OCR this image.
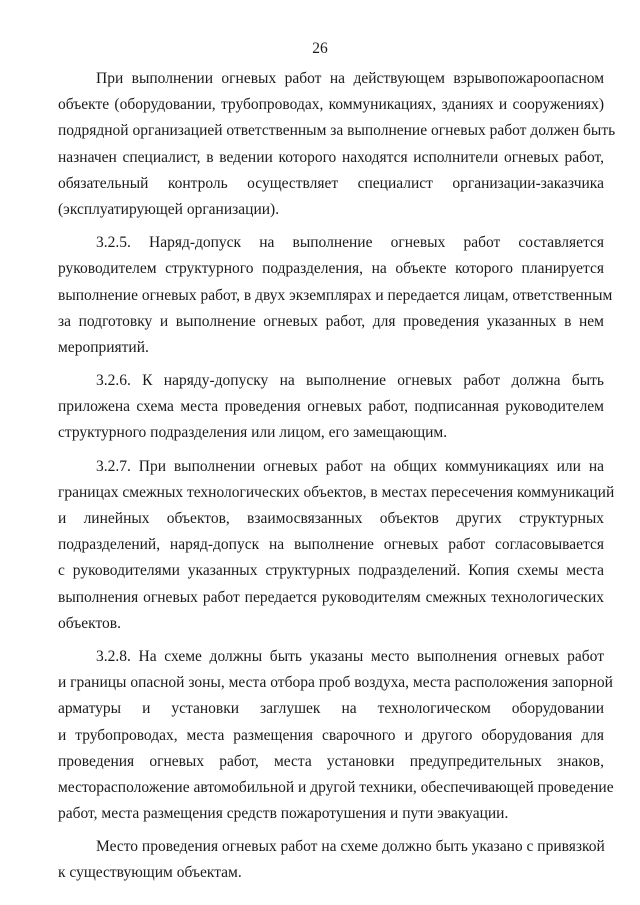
26
При выполнении огневых работ на действующем взрывопожароопасном
объекте (оборудовании, трубопроводах, коммуникациях, зданиях и сооружениях)
подрядной организацией ответственным за выполнение огневых работ должен быть
назначен специалист, в ведении которого находятся исполнители огневых работ,
обязательный контроль осуществляет специалист организации-заказчика
(эксплуатирующей организации).
3.2.5. Наряд-допуск на выполнение огневых работ составляется
руководителем структурного подразделения, на объекте которого планируется
выполнение огневых работ, в двух экземплярах и передается лицам, ответственным
за подготовку и выполнение огневых работ, для проведения указанных в нем
мероприятий.
3.2.6. К наряду-допуску на выполнение огневых работ должна быть
приложена схема места проведения огневых работ, подписанная руководителем
структурного подразделения или лицом, его замещающим.
3.2.7. При выполнении огневых работ на общих коммуникациях или на
границах смежных технологических объектов, в местах пересечения коммуникаций
и линейных объектов, взаимосвязанных объектов других структурных
подразделений, наряд-допуск на выполнение огневых работ согласовывается
с руководителями указанных структурных подразделений. Копия схемы места
выполнения огневых работ передается руководителям смежных технологических
объектов.
3.2.8. На схеме должны быть указаны место выполнения огневых работ
и границы опасной зоны, места отбора проб воздуха, места расположения запорной
арматуры и установки заглушек на технологическом оборудовании
и трубопроводах, места размещения сварочного и другого оборудования для
проведения огневых работ, места установки предупредительных знаков,
месторасположение автомобильной и другой техники, обеспечивающей проведение
работ, места размещения средств пожаротушения и пути эвакуации.
Место проведения огневых работ на схеме должно быть указано с привязкой
к существующим объектам.
